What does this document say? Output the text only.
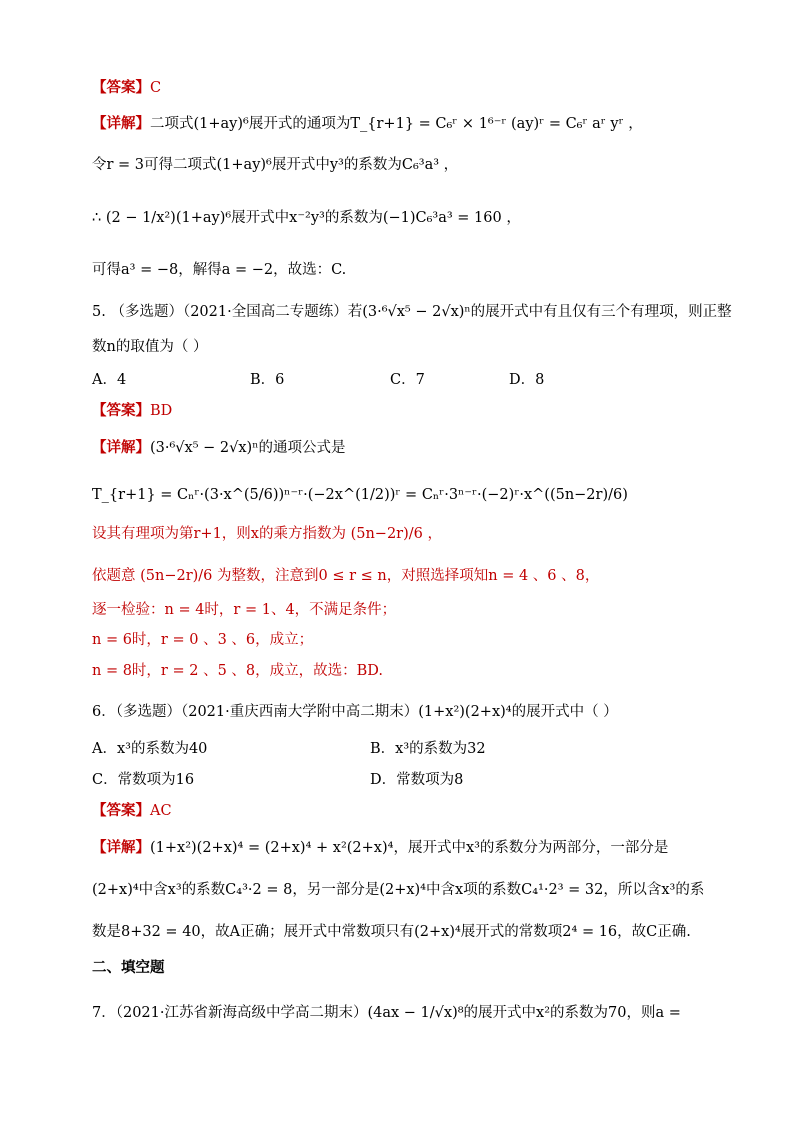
【答案】C
【详解】二项式(1+ay)⁶展开式的通项为T_{r+1} = C₆ʳ × 1⁶⁻ʳ (ay)ʳ = C₆ʳ aʳ yʳ ，
令r = 3可得二项式(1+ay)⁶展开式中y³的系数为C₆³a³ ，
∴ (2 − 1/x²)(1+ay)⁶展开式中x⁻²y³的系数为(−1)C₆³a³ = 160 ，
可得a³ = −8，解得a = −2，故选：C.
5. （多选题）（2021·全国高二专题练）若(3·⁶√x⁵ − 2√x)ⁿ的展开式中有且仅有三个有理项，则正整
数n的取值为（ ）
A．4	B．6	C．7	D．8
【答案】BD
【详解】(3·⁶√x⁵ − 2√x)ⁿ的通项公式是
T_{r+1} = Cₙʳ·(3·x^(5/6))ⁿ⁻ʳ·(−2x^(1/2))ʳ = Cₙʳ·3ⁿ⁻ʳ·(−2)ʳ·x^((5n−2r)/6)
设其有理项为第r+1，则x的乘方指数为 (5n−2r)/6 ，
依题意 (5n−2r)/6 为整数，注意到0 ≤ r ≤ n，对照选择项知n = 4 、6 、8，
逐一检验：n = 4时，r = 1、4，不满足条件；
n = 6时，r = 0 、3 、6，成立；
n = 8时，r = 2 、5 、8，成立，故选：BD.
6．（多选题）（2021·重庆西南大学附中高二期末）(1+x²)(2+x)⁴的展开式中（ ）
A．x³的系数为40	B．x³的系数为32
C．常数项为16	D．常数项为8
【答案】AC
【详解】(1+x²)(2+x)⁴ = (2+x)⁴ + x²(2+x)⁴，展开式中x³的系数分为两部分，一部分是
(2+x)⁴中含x³的系数C₄³·2 = 8，另一部分是(2+x)⁴中含x项的系数C₄¹·2³ = 32，所以含x³的系
数是8+32 = 40，故A正确；展开式中常数项只有(2+x)⁴展开式的常数项2⁴ = 16，故C正确.
二、填空题
7．（2021·江苏省新海高级中学高二期末）(4ax − 1/√x)⁸的展开式中x²的系数为70，则a =
